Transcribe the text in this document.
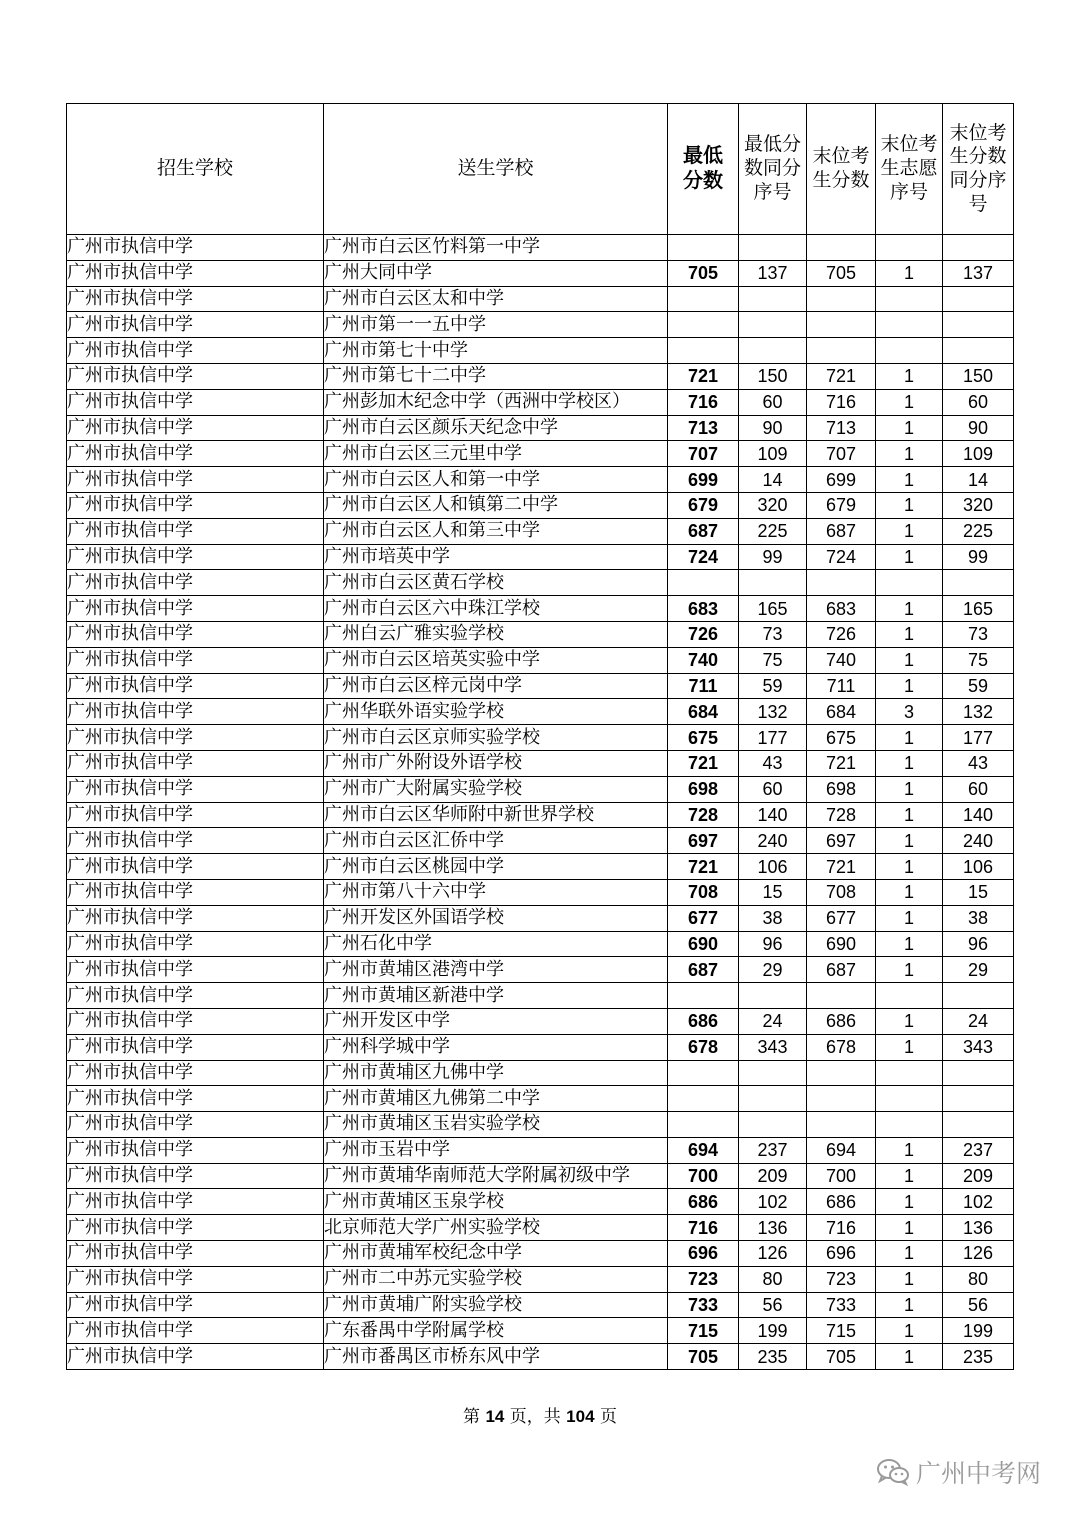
招生学校	送生学校	最低分数	最低分数同分序号	末位考生分数	末位考生志愿序号	末位考生分数同分序号

广州市执信中学	广州市白云区竹料第一中学					
广州市执信中学	广州大同中学	705	137	705	1	137
广州市执信中学	广州市白云区太和中学					
广州市执信中学	广州市第一一五中学					
广州市执信中学	广州市第七十中学					
广州市执信中学	广州市第七十二中学	721	150	721	1	150
广州市执信中学	广州彭加木纪念中学（西洲中学校区）	716	60	716	1	60
广州市执信中学	广州市白云区颜乐天纪念中学	713	90	713	1	90
广州市执信中学	广州市白云区三元里中学	707	109	707	1	109
广州市执信中学	广州市白云区人和第一中学	699	14	699	1	14
广州市执信中学	广州市白云区人和镇第二中学	679	320	679	1	320
广州市执信中学	广州市白云区人和第三中学	687	225	687	1	225
广州市执信中学	广州市培英中学	724	99	724	1	99
广州市执信中学	广州市白云区黄石学校					
广州市执信中学	广州市白云区六中珠江学校	683	165	683	1	165
广州市执信中学	广州白云广雅实验学校	726	73	726	1	73
广州市执信中学	广州市白云区培英实验中学	740	75	740	1	75
广州市执信中学	广州市白云区梓元岗中学	711	59	711	1	59
广州市执信中学	广州华联外语实验学校	684	132	684	3	132
广州市执信中学	广州市白云区京师实验学校	675	177	675	1	177
广州市执信中学	广州市广外附设外语学校	721	43	721	1	43
广州市执信中学	广州市广大附属实验学校	698	60	698	1	60
广州市执信中学	广州市白云区华师附中新世界学校	728	140	728	1	140
广州市执信中学	广州市白云区汇侨中学	697	240	697	1	240
广州市执信中学	广州市白云区桃园中学	721	106	721	1	106
广州市执信中学	广州市第八十六中学	708	15	708	1	15
广州市执信中学	广州开发区外国语学校	677	38	677	1	38
广州市执信中学	广州石化中学	690	96	690	1	96
广州市执信中学	广州市黄埔区港湾中学	687	29	687	1	29
广州市执信中学	广州市黄埔区新港中学					
广州市执信中学	广州开发区中学	686	24	686	1	24
广州市执信中学	广州科学城中学	678	343	678	1	343
广州市执信中学	广州市黄埔区九佛中学					
广州市执信中学	广州市黄埔区九佛第二中学					
广州市执信中学	广州市黄埔区玉岩实验学校					
广州市执信中学	广州市玉岩中学	694	237	694	1	237
广州市执信中学	广州市黄埔华南师范大学附属初级中学	700	209	700	1	209
广州市执信中学	广州市黄埔区玉泉学校	686	102	686	1	102
广州市执信中学	北京师范大学广州实验学校	716	136	716	1	136
广州市执信中学	广州市黄埔军校纪念中学	696	126	696	1	126
广州市执信中学	广州市二中苏元实验学校	723	80	723	1	80
广州市执信中学	广州市黄埔广附实验学校	733	56	733	1	56
广州市执信中学	广东番禺中学附属学校	715	199	715	1	199
广州市执信中学	广州市番禺区市桥东风中学	705	235	705	1	235
第 14 页，共 104 页
广州中考网
